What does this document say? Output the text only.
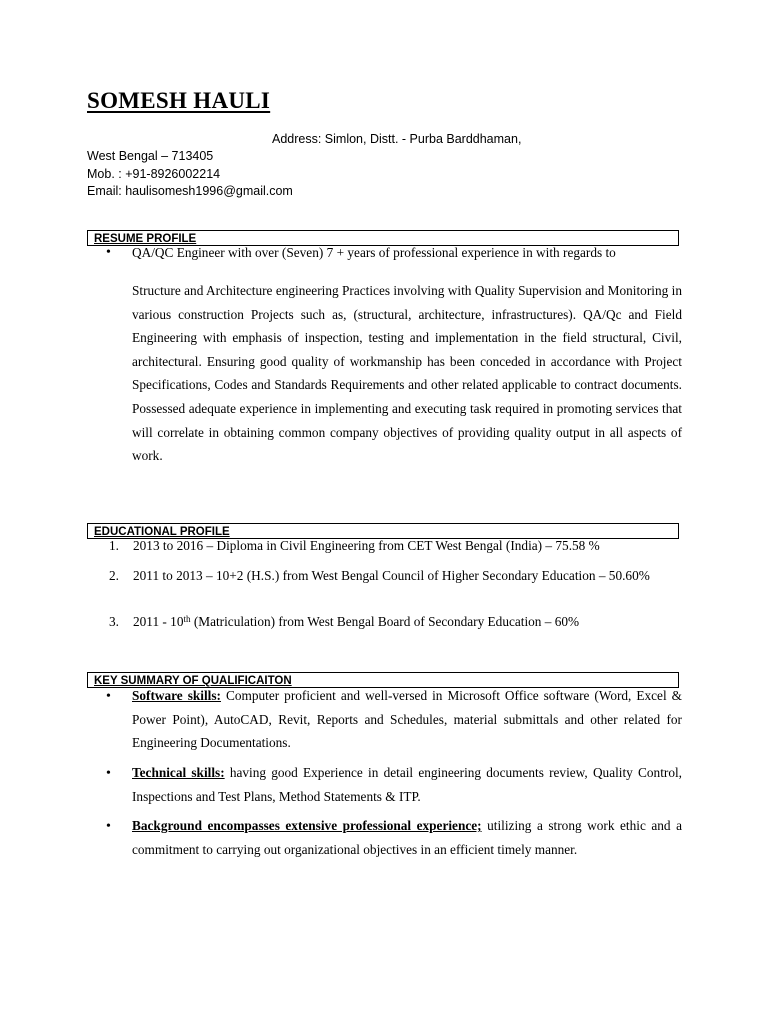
SOMESH HAULI
Address: Simlon, Distt. - Purba Barddhaman,
West Bengal – 713405
Mob. : +91-8926002214
Email: haulisomesh1996@gmail.com
RESUME PROFILE
• QA/QC Engineer with over (Seven) 7 + years of professional experience in with regards to
Structure and Architecture engineering Practices involving with Quality Supervision and Monitoring in various construction Projects such as, (structural, architecture, infrastructures). QA/Qc and Field Engineering with emphasis of inspection, testing and implementation in the field structural, Civil, architectural. Ensuring good quality of workmanship has been conceded in accordance with Project Specifications, Codes and Standards Requirements and other related applicable to contract documents. Possessed adequate experience in implementing and executing task required in promoting services that will correlate in obtaining common company objectives of providing quality output in all aspects of work.
EDUCATIONAL PROFILE
1. 2013 to 2016 – Diploma in Civil Engineering from CET West Bengal (India) – 75.58 %
2. 2011 to 2013 – 10+2 (H.S.) from West Bengal Council of Higher Secondary Education – 50.60%
3. 2011 - 10th (Matriculation) from West Bengal Board of Secondary Education – 60%
KEY SUMMARY OF QUALIFICAITON
• Software skills: Computer proficient and well-versed in Microsoft Office software (Word, Excel & Power Point), AutoCAD, Revit, Reports and Schedules, material submittals and other related for Engineering Documentations.
• Technical skills: having good Experience in detail engineering documents review, Quality Control, Inspections and Test Plans, Method Statements & ITP.
• Background encompasses extensive professional experience; utilizing a strong work ethic and a commitment to carrying out organizational objectives in an efficient timely manner.
